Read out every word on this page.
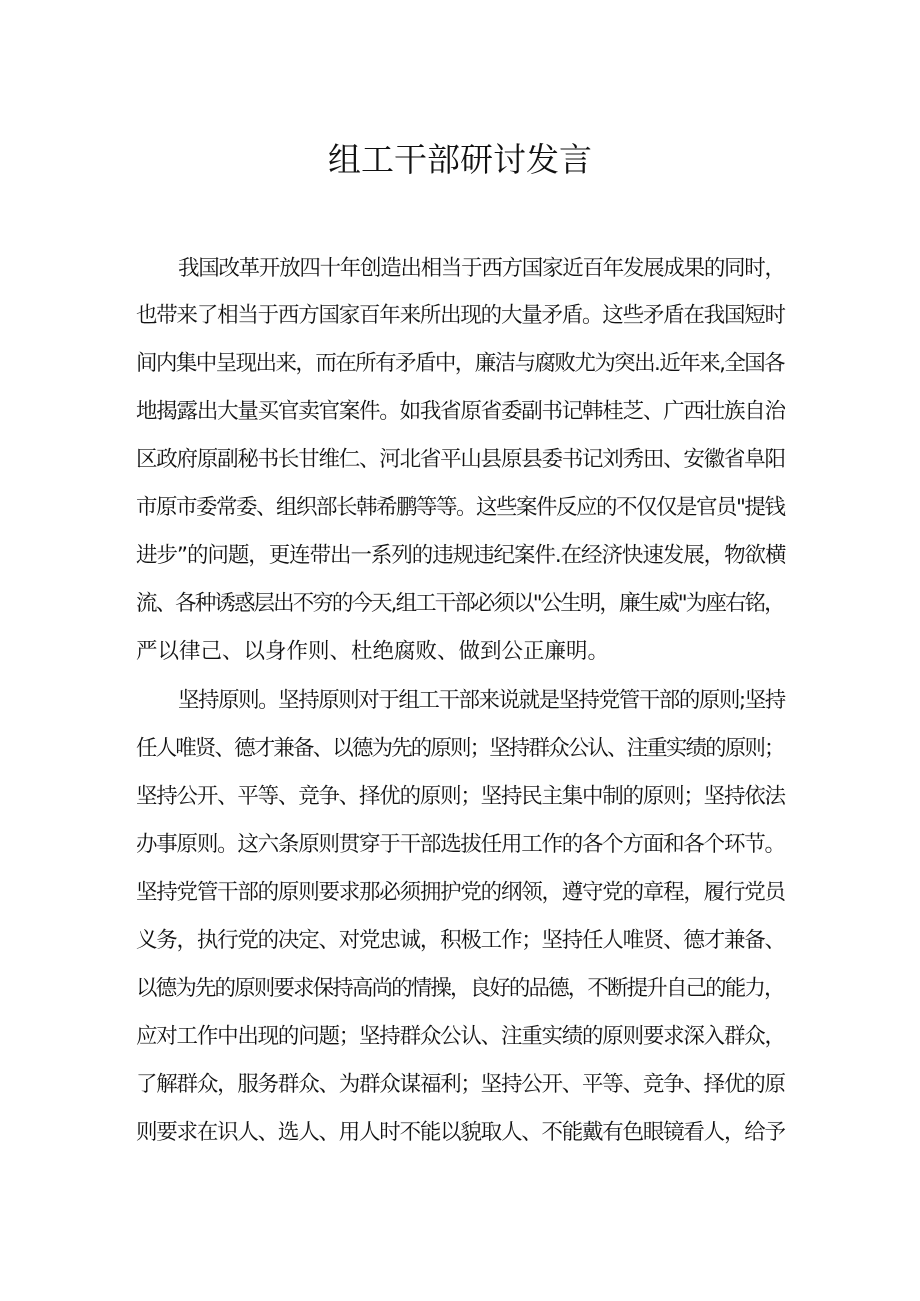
组工干部研讨发言
我国改革开放四十年创造出相当于西方国家近百年发展成果的同时，
也带来了相当于西方国家百年来所出现的大量矛盾。这些矛盾在我国短时
间内集中呈现出来，而在所有矛盾中，廉洁与腐败尤为突出.近年来,全国各
地揭露出大量买官卖官案件。如我省原省委副书记韩桂芝、广西壮族自治
区政府原副秘书长甘维仁、河北省平山县原县委书记刘秀田、安徽省阜阳
市原市委常委、组织部长韩希鹏等等。这些案件反应的不仅仅是官员"提钱
进步”的问题，更连带出一系列的违规违纪案件.在经济快速发展，物欲横
流、各种诱惑层出不穷的今天,组工干部必须以"公生明，廉生威"为座右铭，
严以律己、以身作则、杜绝腐败、做到公正廉明。
坚持原则。坚持原则对于组工干部来说就是坚持党管干部的原则;坚持
任人唯贤、德才兼备、以德为先的原则；坚持群众公认、注重实绩的原则；
坚持公开、平等、竞争、择优的原则；坚持民主集中制的原则；坚持依法
办事原则。这六条原则贯穿于干部选拔任用工作的各个方面和各个环节。
坚持党管干部的原则要求那必须拥护党的纲领，遵守党的章程，履行党员
义务，执行党的决定、对党忠诚，积极工作；坚持任人唯贤、德才兼备、
以德为先的原则要求保持高尚的情操，良好的品德，不断提升自己的能力，
应对工作中出现的问题；坚持群众公认、注重实绩的原则要求深入群众，
了解群众，服务群众、为群众谋福利；坚持公开、平等、竞争、择优的原
则要求在识人、选人、用人时不能以貌取人、不能戴有色眼镜看人，给予
